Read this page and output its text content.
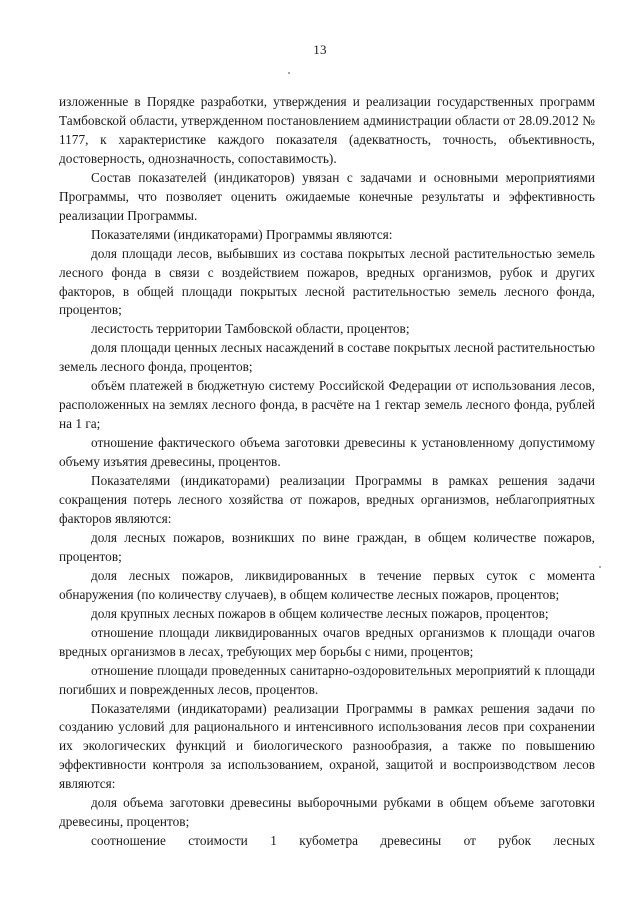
13

изложенные в Порядке разработки, утверждения и реализации государственных программ Тамбовской области, утвержденном постановлением администрации области от 28.09.2012 № 1177, к характеристике каждого показателя (адекватность, точность, объективность, достоверность, однозначность, сопоставимость).

Состав показателей (индикаторов) увязан с задачами и основными мероприятиями Программы, что позволяет оценить ожидаемые конечные результаты и эффективность реализации Программы.

Показателями (индикаторами) Программы являются:

доля площади лесов, выбывших из состава покрытых лесной растительностью земель лесного фонда в связи с воздействием пожаров, вредных организмов, рубок и других факторов, в общей площади покрытых лесной растительностью земель лесного фонда, процентов;

лесистость территории Тамбовской области, процентов;

доля площади ценных лесных насаждений в составе покрытых лесной растительностью земель лесного фонда, процентов;

объём платежей в бюджетную систему Российской Федерации от использования лесов, расположенных на землях лесного фонда, в расчёте на 1 гектар земель лесного фонда, рублей на 1 га;

отношение фактического объема заготовки древесины к установленному допустимому объему изъятия древесины, процентов.

Показателями (индикаторами) реализации Программы в рамках решения задачи сокращения потерь лесного хозяйства от пожаров, вредных организмов, неблагоприятных факторов являются:

доля лесных пожаров, возникших по вине граждан, в общем количестве пожаров, процентов;

доля лесных пожаров, ликвидированных в течение первых суток с момента обнаружения (по количеству случаев), в общем количестве лесных пожаров, процентов;

доля крупных лесных пожаров в общем количестве лесных пожаров, процентов;

отношение площади ликвидированных очагов вредных организмов к площади очагов вредных организмов в лесах, требующих мер борьбы с ними, процентов;

отношение площади проведенных санитарно-оздоровительных мероприятий к площади погибших и поврежденных лесов, процентов.

Показателями (индикаторами) реализации Программы в рамках решения задачи по созданию условий для рационального и интенсивного использования лесов при сохранении их экологических функций и биологического разнообразия, а также по повышению эффективности контроля за использованием, охраной, защитой и воспроизводством лесов являются:

доля объема заготовки древесины выборочными рубками в общем объеме заготовки древесины, процентов;

соотношение стоимости 1 кубометра древесины от рубок лесных
